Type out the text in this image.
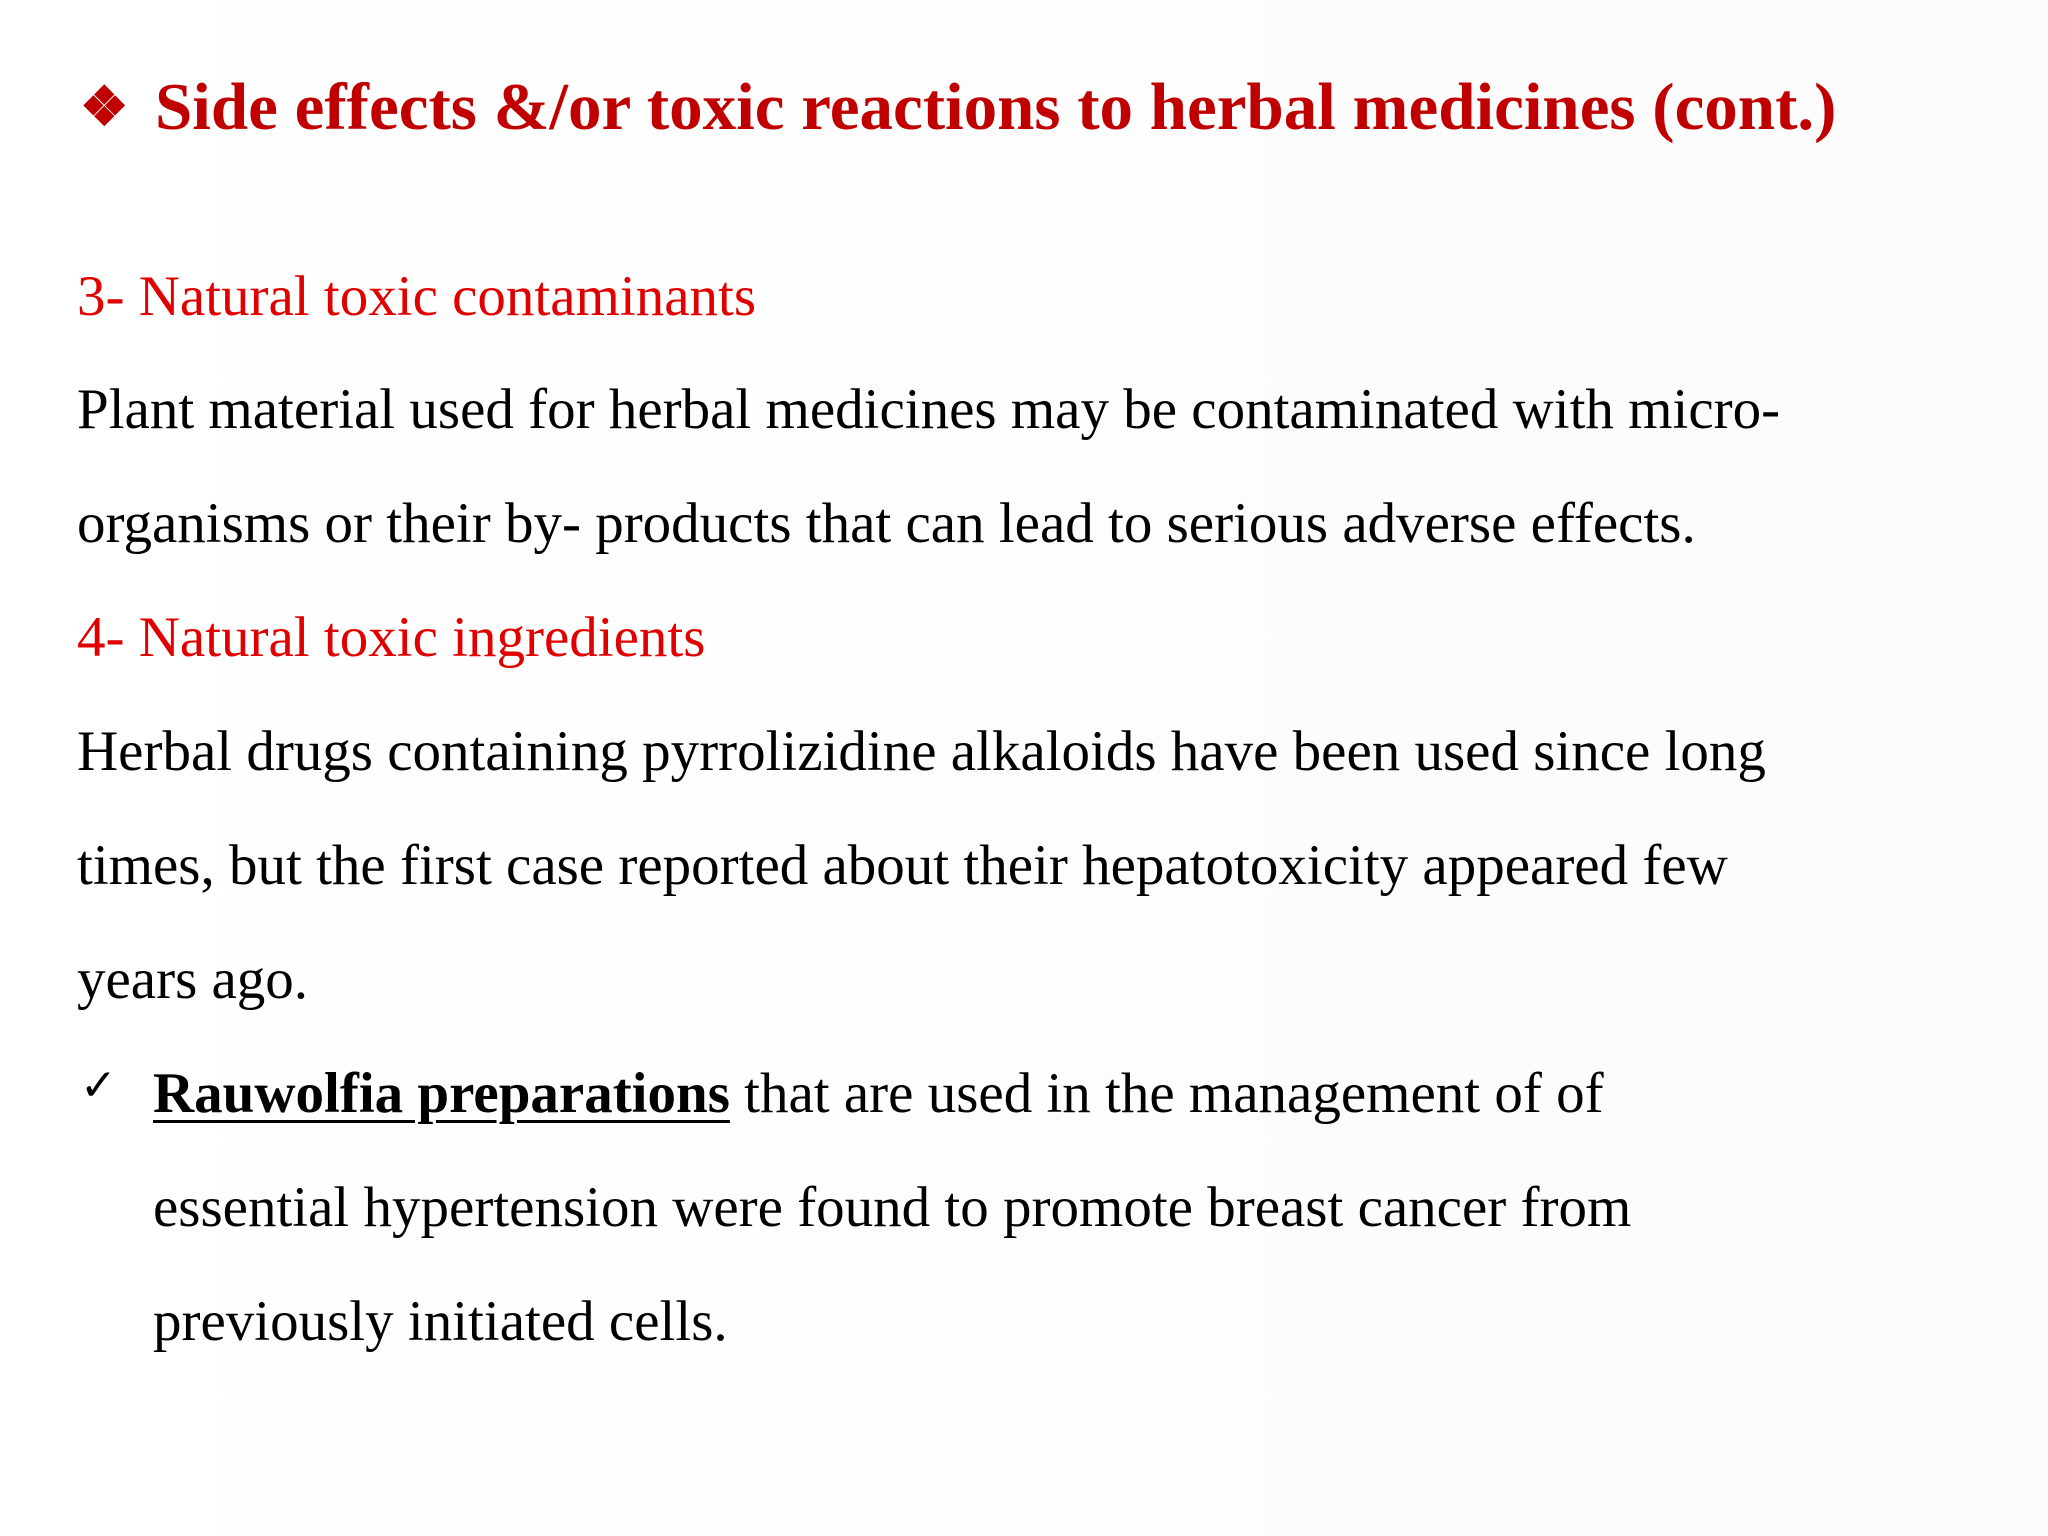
❖ Side effects &/or toxic reactions to herbal medicines (cont.)
3- Natural toxic contaminants
Plant material used for herbal medicines may be contaminated with micro-
organisms or their by- products that can lead to serious adverse effects.
4- Natural toxic ingredients
Herbal drugs containing pyrrolizidine alkaloids have been used since long
times, but the first case reported about their hepatotoxicity appeared few
years ago.
✓ Rauwolfia preparations that are used in the management of of
essential hypertension were found to promote breast cancer from
previously initiated cells.
